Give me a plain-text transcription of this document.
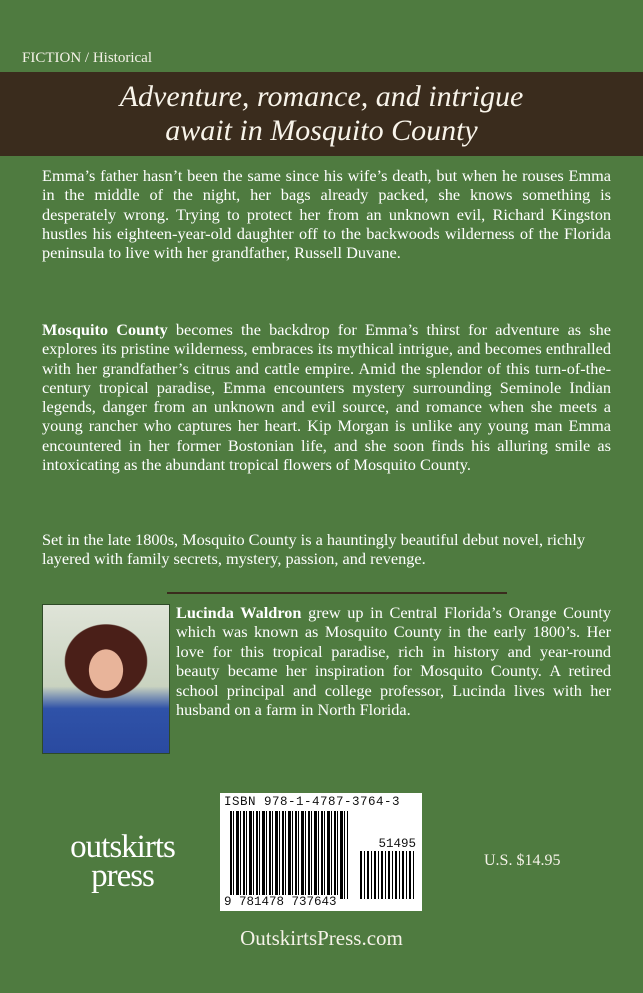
FICTION / Historical

Adventure, romance, and intrigue
await in Mosquito County

Emma’s father hasn’t been the same since his wife’s death, but when he rouses Emma in the middle of the night, her bags already packed, she knows something is desperately wrong. Trying to protect her from an unknown evil, Richard Kingston hustles his eighteen-year-old daughter off to the backwoods wilderness of the Florida peninsula to live with her grandfather, Russell Duvane.

Mosquito County becomes the backdrop for Emma’s thirst for adventure as she explores its pristine wilderness, embraces its mythical intrigue, and becomes enthralled with her grandfather’s citrus and cattle empire. Amid the splendor of this turn-of-the-century tropical paradise, Emma encounters mystery surrounding Seminole Indian legends, danger from an unknown and evil source, and romance when she meets a young rancher who captures her heart. Kip Morgan is unlike any young man Emma encountered in her former Bostonian life, and she soon finds his alluring smile as intoxicating as the abundant tropical flowers of Mosquito County.

Set in the late 1800s, Mosquito County is a hauntingly beautiful debut novel, richly layered with family secrets, mystery, passion, and revenge.

Lucinda Waldron grew up in Central Florida’s Orange County which was known as Mosquito County in the early 1800’s. Her love for this tropical paradise, rich in history and year-round beauty became her inspiration for Mosquito County. A retired school principal and college professor, Lucinda lives with her husband on a farm in North Florida.

ISBN 978-1-4787-3764-3
51495
9 781478 737643
outskirts
press	U.S. $14.95
OutskirtsPress.com
